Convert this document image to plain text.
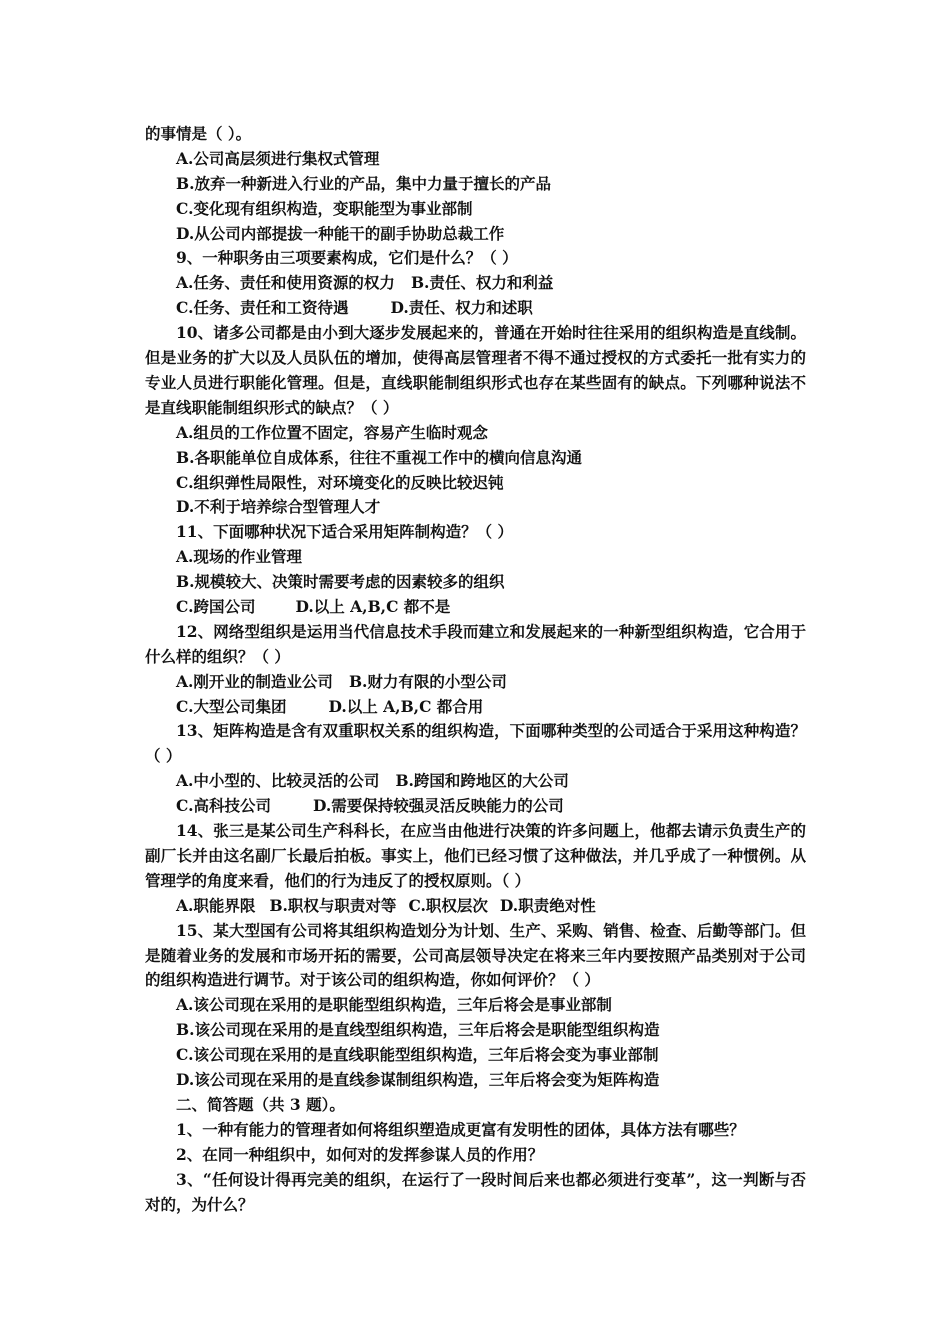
的事情是（ ）。
A.公司高层须进行集权式管理
B.放弃一种新进入行业的产品，集中力量于擅长的产品
C.变化现有组织构造，变职能型为事业部制
D.从公司内部提拔一种能干的副手协助总裁工作
9、一种职务由三项要素构成，它们是什么？（ ）
A.任务、责任和使用资源的权力 B.责任、权力和利益
C.任务、责任和工资待遇	D.责任、权力和述职
10、诸多公司都是由小到大逐步发展起来的，普通在开始时往往采用的组织构造是直线制。但是业务的扩大以及人员队伍的增加，使得高层管理者不得不通过授权的方式委托一批有实力的专业人员进行职能化管理。但是，直线职能制组织形式也存在某些固有的缺点。下列哪种说法不是直线职能制组织形式的缺点？（ ）
A.组员的工作位置不固定，容易产生临时观念
B.各职能单位自成体系，往往不重视工作中的横向信息沟通
C.组织弹性局限性，对环境变化的反映比较迟钝
D.不利于培养综合型管理人才
11、下面哪种状况下适合采用矩阵制构造？（ ）
A.现场的作业管理
B.规模较大、决策时需要考虑的因素较多的组织
C.跨国公司	D.以上 A,B,C 都不是
12、网络型组织是运用当代信息技术手段而建立和发展起来的一种新型组织构造，它合用于什么样的组织？（ ）
A.刚开业的制造业公司 B.财力有限的小型公司
C.大型公司集团	D.以上 A,B,C 都合用
13、矩阵构造是含有双重职权关系的组织构造，下面哪种类型的公司适合于采用这种构造？（ ）
A.中小型的、比较灵活的公司 B.跨国和跨地区的大公司
C.高科技公司	D.需要保持较强灵活反映能力的公司
14、张三是某公司生产科科长，在应当由他进行决策的许多问题上，他都去请示负责生产的副厂长并由这名副厂长最后拍板。事实上，他们已经习惯了这种做法，并几乎成了一种惯例。从管理学的角度来看，他们的行为违反了的授权原则。（ ）
A.职能界限 B.职权与职责对等 C.职权层次 D.职责绝对性
15、某大型国有公司将其组织构造划分为计划、生产、采购、销售、检查、后勤等部门。但是随着业务的发展和市场开拓的需要，公司高层领导决定在将来三年内要按照产品类别对于公司的组织构造进行调节。对于该公司的组织构造，你如何评价？（ ）
A.该公司现在采用的是职能型组织构造，三年后将会是事业部制
B.该公司现在采用的是直线型组织构造，三年后将会是职能型组织构造
C.该公司现在采用的是直线职能型组织构造，三年后将会变为事业部制
D.该公司现在采用的是直线参谋制组织构造，三年后将会变为矩阵构造
二、简答题（共 3 题）。
1、一种有能力的管理者如何将组织塑造成更富有发明性的团体，具体方法有哪些？
2、在同一种组织中，如何对的发挥参谋人员的作用？
3、“任何设计得再完美的组织，在运行了一段时间后来也都必须进行变革”，这一判断与否对的，为什么？
